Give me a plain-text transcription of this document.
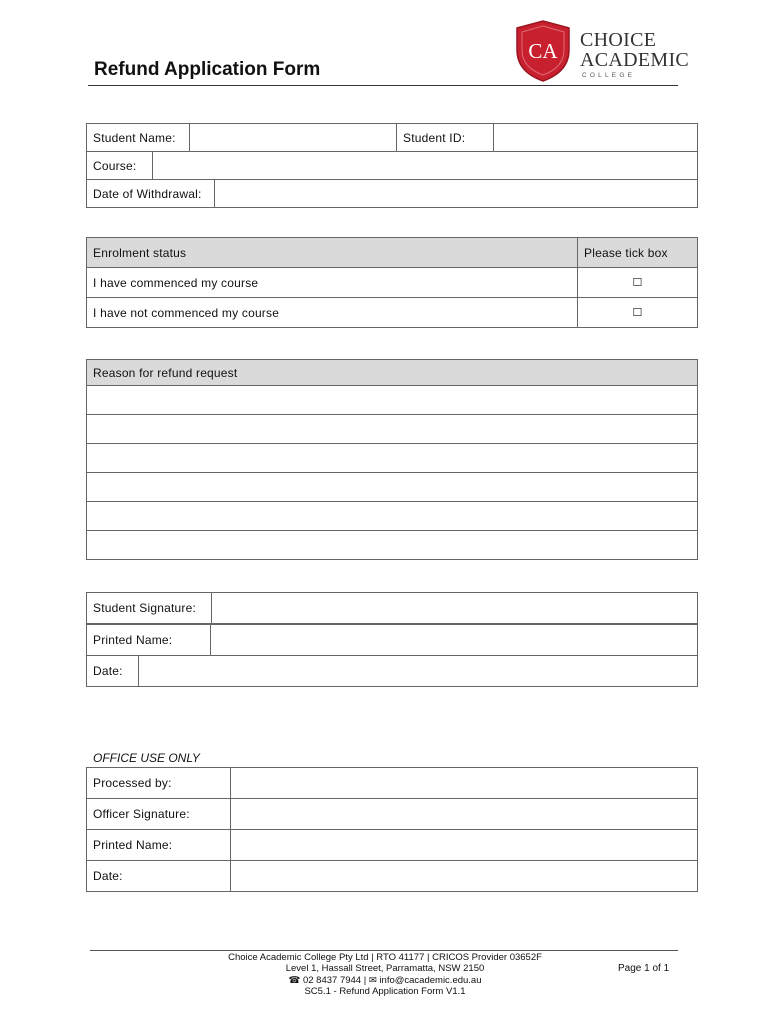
Refund Application Form
CA CHOICE
ACADEMIC
COLLEGE
Student Name:		Student ID:	
Course:	
Date of Withdrawal:	
Enrolment status	Please tick box
I have commenced my course	☐
I have not commenced my course	☐
Reason for refund request

Student Signature:	
Printed Name:	
Date:	
OFFICE USE ONLY
Processed by:	
Officer Signature:	
Printed Name:	
Date:	
Choice Academic College Pty Ltd | RTO 41177 | CRICOS Provider 03652F
Level 1, Hassall Street, Parramatta, NSW 2150
☎ 02 8437 7944 | ✉ info@cacademic.edu.au
SC5.1 - Refund Application Form V1.1
Page 1 of 1
